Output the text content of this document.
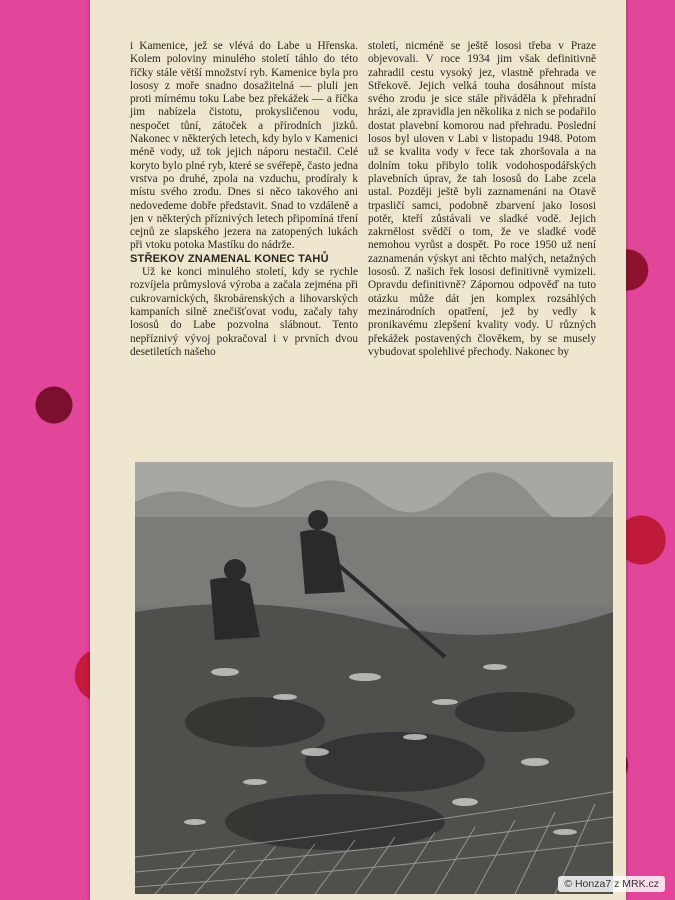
i Kamenice, jež se vlévá do Labe u Hřenska. Kolem poloviny minulého století táhlo do této říčky stále větší množství ryb. Kamenice byla pro lososy z moře snadno dosažitelná — pluli jen proti mírnému toku Labe bez překážek — a říčka jim nabízela čistotu, prokysličenou vodu, nespočet tůní, zátoček a přírodních jizků. Nakonec v některých letech, kdy bylo v Kamenici méně vody, už tok jejich náporu nestačil. Celé koryto bylo plné ryb, které se svéřepě, často jedna vrstva po druhé, zpola na vzduchu, prodíraly k místu svého zrodu. Dnes si něco takového ani nedovedeme dobře představit. Snad to vzdáleně a jen v některých příznivých letech připomíná tření cejnů ze slapského jezera na zatopených lukách při vtoku potoka Mastíku do nádrže.

STŘEKOV ZNAMENAL KONEC TAHŮ

Už ke konci minulého století, kdy se rychle rozvíjela průmyslová výroba a začala zejména při cukrovarnických, škrobárenských a lihovarských kampaních silně znečišťovat vodu, začaly tahy lososů do Labe pozvolna slábnout. Tento nepříznivý vývoj pokračoval i v prvních dvou desetiletích našeho

století, nicméně se ještě lososi třeba v Praze objevovali. V roce 1934 jim však definitivně zahradil cestu vysoký jez, vlastně přehrada ve Střekově. Jejich velká touha dosáhnout místa svého zrodu je sice stále přiváděla k přehradní hrázi, ale zpravidla jen několika z nich se podařilo dostat plavební komorou nad přehradu. Poslední losos byl uloven v Labi v listopadu 1948. Potom už se kvalita vody v řece tak zhoršovala a na dolním toku přibylo tolik vodohospodářských plavebních úprav, že tah lososů do Labe zcela ustal. Později ještě byli zaznamenáni na Otavě trpasličí samci, podobně zbarvení jako lososi potěr, kteří zůstávali ve sladké vodě. Jejich zakrnělost svědčí o tom, že ve sladké vodě nemohou vyrůst a dospět. Po roce 1950 už není zaznamenán výskyt ani těchto malých, netažných lososů. Z našich řek lososi definitivně vymizeli. Opravdu definitivně? Zápornou odpověď na tuto otázku může dát jen komplex rozsáhlých mezinárodních opatření, jež by vedly k pronikavému zlepšení kvality vody. U různých překážek postavených člověkem, by se musely vybudovat spolehlivé přechody. Nakonec by

© Honza7 z MRK.cz
